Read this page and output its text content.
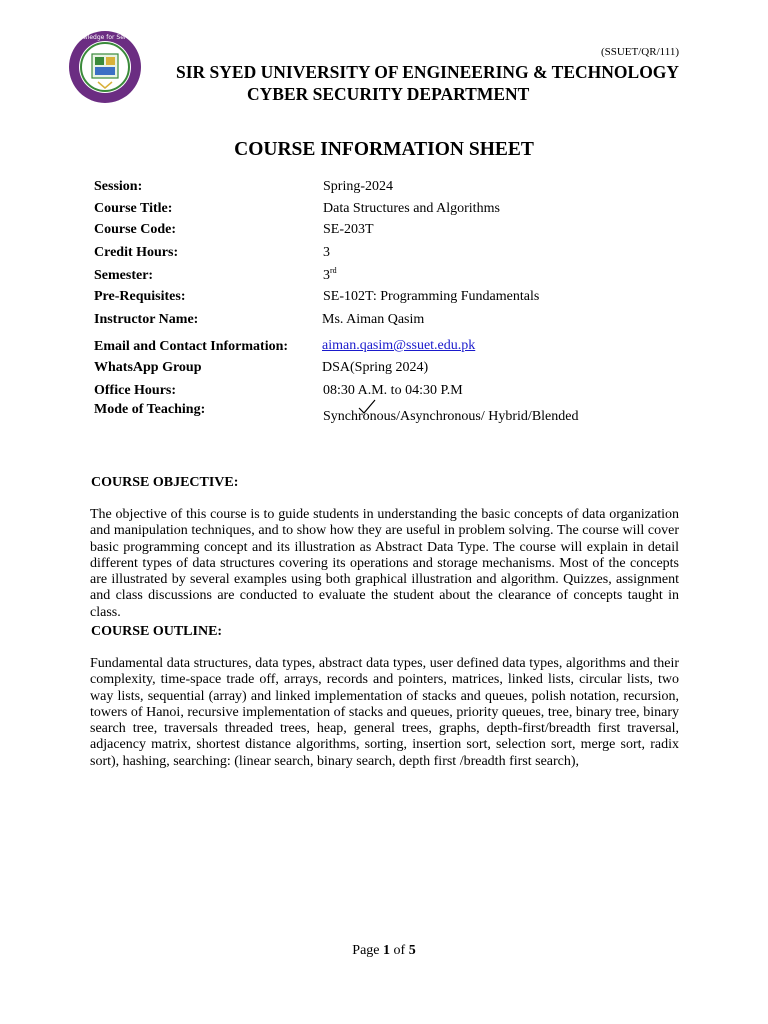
Knowledge for Service
(SSUET/QR/111)
SIR SYED UNIVERSITY OF ENGINEERING & TECHNOLOGY
CYBER SECURITY DEPARTMENT
COURSE INFORMATION SHEET
Session:	Spring-2024
Course Title:	Data Structures and Algorithms
Course Code:	SE-203T
Credit Hours:	3
Semester:	3rd
Pre-Requisites:	SE-102T: Programming Fundamentals
Instructor Name:	Ms. Aiman Qasim
Email and Contact Information: aiman.qasim@ssuet.edu.pk
WhatsApp Group	DSA(Spring 2024)
Office Hours:	08:30 A.M. to 04:30 P.M
Mode of Teaching:	Synchronous/Asynchronous/ Hybrid/Blended
COURSE OBJECTIVE:

The objective of this course is to guide students in understanding the basic concepts of data organization and manipulation techniques, and to show how they are useful in problem solving. The course will cover basic programming concept and its illustration as Abstract Data Type. The course will explain in detail different types of data structures covering its operations and storage mechanisms. Most of the concepts are illustrated by several examples using both graphical illustration and algorithm. Quizzes, assignment and class discussions are conducted to evaluate the student about the clearance of concepts taught in class.

COURSE OUTLINE:

Fundamental data structures, data types, abstract data types, user defined data types, algorithms and their complexity, time-space trade off, arrays, records and pointers, matrices, linked lists, circular lists, two way lists, sequential (array) and linked implementation of stacks and queues, polish notation, recursion, towers of Hanoi, recursive implementation of stacks and queues, priority queues, tree, binary tree, binary search tree, traversals threaded trees, heap, general trees, graphs, depth-first/breadth first traversal, adjacency matrix, shortest distance algorithms, sorting, insertion sort, selection sort, merge sort, radix sort), hashing, searching: (linear search, binary search, depth first /breadth first search),

Page 1 of 5
